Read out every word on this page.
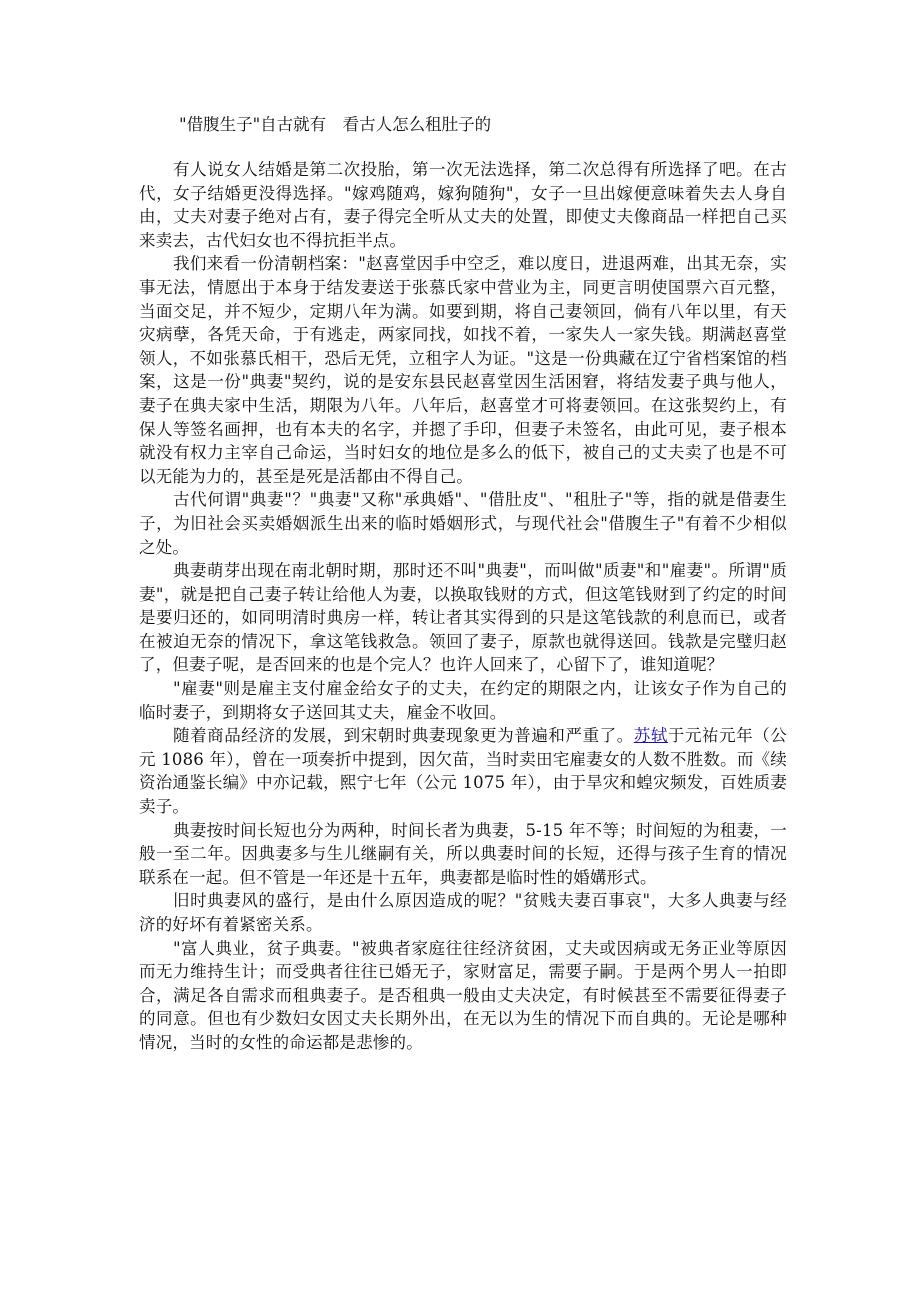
"借腹生子"自古就有　看古人怎么租肚子的

有人说女人结婚是第二次投胎，第一次无法选择，第二次总得有所选择了吧。在古代，女子结婚更没得选择。"嫁鸡随鸡，嫁狗随狗"，女子一旦出嫁便意味着失去人身自由，丈夫对妻子绝对占有，妻子得完全听从丈夫的处置，即使丈夫像商品一样把自己买来卖去，古代妇女也不得抗拒半点。

我们来看一份清朝档案："赵喜堂因手中空乏，难以度日，进退两难，出其无奈，实事无法，情愿出于本身于结发妻送于张慕氏家中营业为主，同更言明使国票六百元整，当面交足，并不短少，定期八年为满。如要到期，将自己妻领回，倘有八年以里，有天灾病孽，各凭天命，于有逃走，两家同找，如找不着，一家失人一家失钱。期满赵喜堂领人，不如张慕氏相干，恐后无凭，立租字人为证。"这是一份典藏在辽宁省档案馆的档案，这是一份"典妻"契约，说的是安东县民赵喜堂因生活困窘，将结发妻子典与他人，妻子在典夫家中生活，期限为八年。八年后，赵喜堂才可将妻领回。在这张契约上，有保人等签名画押，也有本夫的名字，并摁了手印，但妻子未签名，由此可见，妻子根本就没有权力主宰自己命运，当时妇女的地位是多么的低下，被自己的丈夫卖了也是不可以无能为力的，甚至是死是活都由不得自己。

古代何谓"典妻"？"典妻"又称"承典婚"、"借肚皮"、"租肚子"等，指的就是借妻生子，为旧社会买卖婚姻派生出来的临时婚姻形式，与现代社会"借腹生子"有着不少相似之处。

典妻萌芽出现在南北朝时期，那时还不叫"典妻"，而叫做"质妻"和"雇妻"。所谓"质妻"，就是把自己妻子转让给他人为妻，以换取钱财的方式，但这笔钱财到了约定的时间是要归还的，如同明清时典房一样，转让者其实得到的只是这笔钱款的利息而已，或者在被迫无奈的情况下，拿这笔钱救急。领回了妻子，原款也就得送回。钱款是完璧归赵了，但妻子呢，是否回来的也是个完人？也许人回来了，心留下了，谁知道呢？

"雇妻"则是雇主支付雇金给女子的丈夫，在约定的期限之内，让该女子作为自己的临时妻子，到期将女子送回其丈夫，雇金不收回。

随着商品经济的发展，到宋朝时典妻现象更为普遍和严重了。苏轼于元祐元年（公元 1086 年），曾在一项奏折中提到，因欠苗，当时卖田宅雇妻女的人数不胜数。而《续资治通鉴长编》中亦记载，熙宁七年（公元 1075 年），由于旱灾和蝗灾频发，百姓质妻卖子。

典妻按时间长短也分为两种，时间长者为典妻，5-15 年不等；时间短的为租妻，一般一至二年。因典妻多与生儿继嗣有关，所以典妻时间的长短，还得与孩子生育的情况联系在一起。但不管是一年还是十五年，典妻都是临时性的婚媾形式。

旧时典妻风的盛行，是由什么原因造成的呢？"贫贱夫妻百事哀"，大多人典妻与经济的好坏有着紧密关系。

"富人典业，贫子典妻。"被典者家庭往往经济贫困，丈夫或因病或无务正业等原因而无力维持生计；而受典者往往已婚无子，家财富足，需要子嗣。于是两个男人一拍即合，满足各自需求而租典妻子。是否租典一般由丈夫决定，有时候甚至不需要征得妻子的同意。但也有少数妇女因丈夫长期外出，在无以为生的情况下而自典的。无论是哪种情况，当时的女性的命运都是悲惨的。
